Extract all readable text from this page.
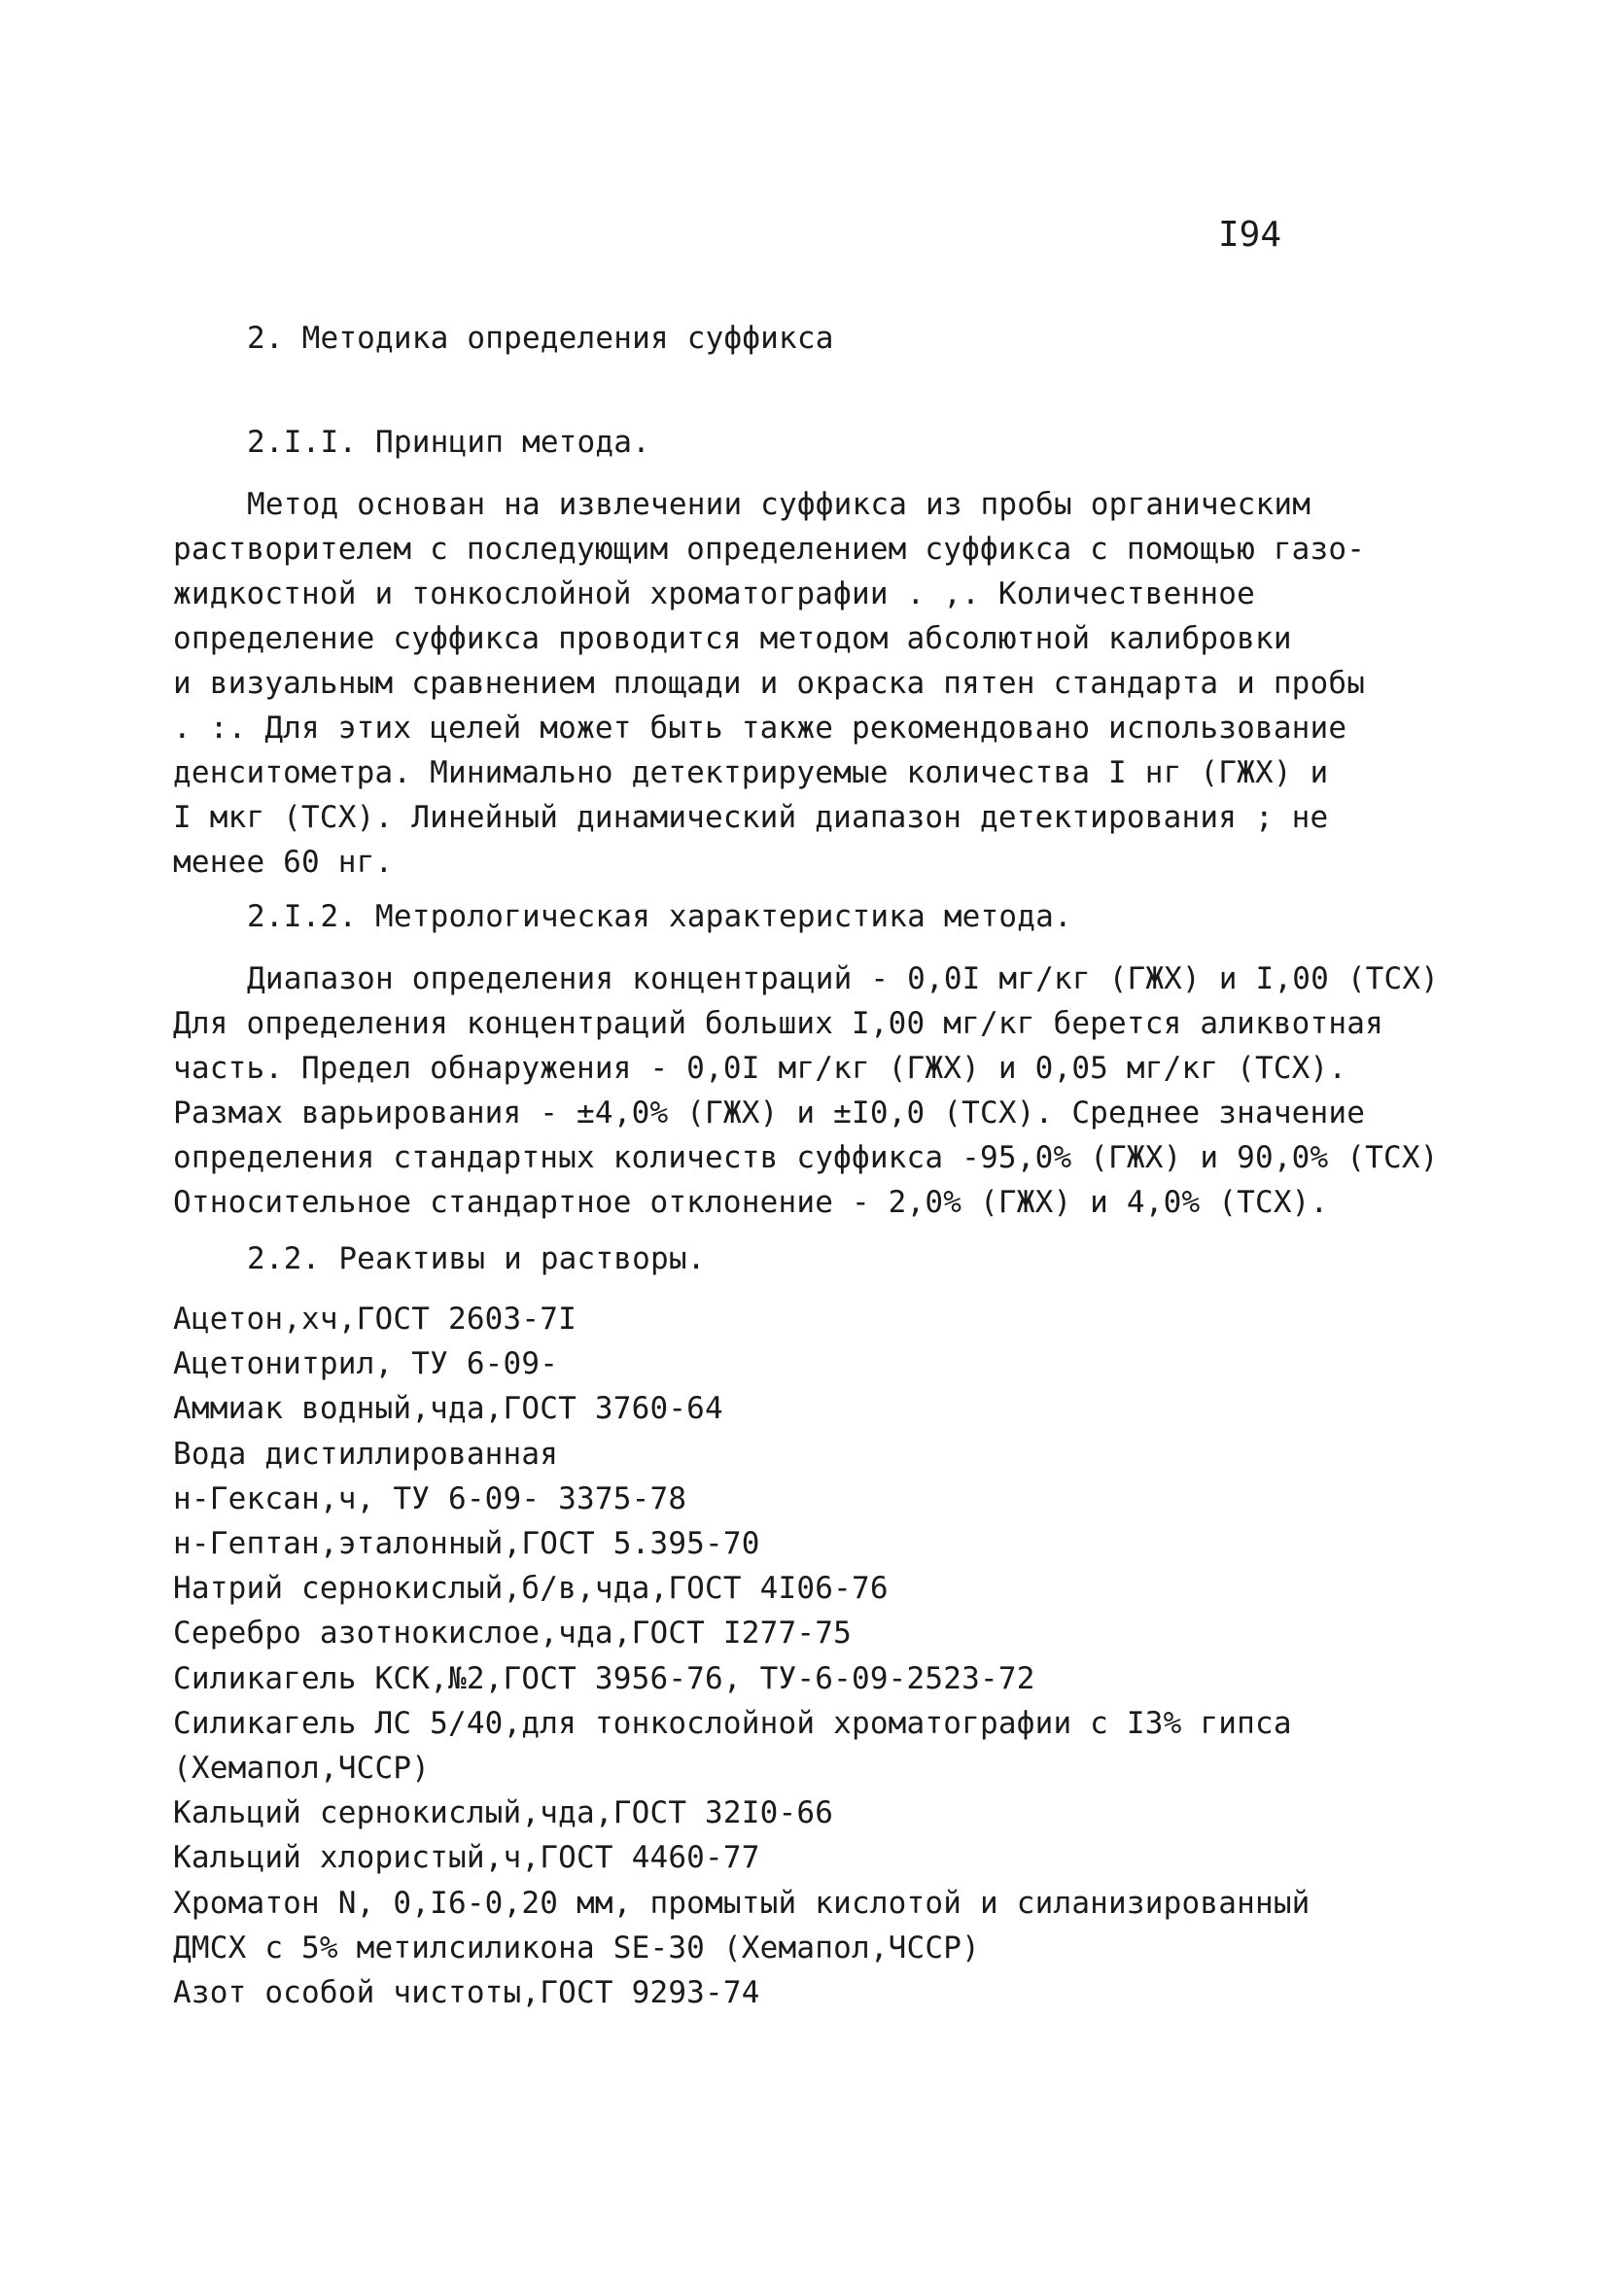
I94
2. Методика определения суффикса
2.I.I. Принцип метода.
Метод основан на извлечении суффикса из пробы органическим
растворителем с последующим определением суффикса с помощью газо-
жидкостной и тонкослойной хроматографии . ,. Количественное
определение суффикса проводится методом абсолютной калибровки
и визуальным сравнением площади и окраска пятен стандарта и пробы
. :. Для этих целей может быть также рекомендовано использование
денситометра. Минимально детектрируемые количества I нг (ГЖХ) и
I мкг (ТСХ). Линейный динамический диапазон детектирования ; не
менее 60 нг.
2.I.2. Метрологическая характеристика метода.
Диапазон определения концентраций - 0,0I мг/кг (ГЖХ) и I,00 (ТСХ)
Для определения концентраций больших I,00 мг/кг берется аликвотная
часть. Предел обнаружения - 0,0I мг/кг (ГЖХ) и 0,05 мг/кг (ТСХ).
Размах варьирования - ±4,0% (ГЖХ) и ±I0,0 (ТСХ). Среднее значение
определения стандартных количеств суффикса -95,0% (ГЖХ) и 90,0% (ТСХ)
Относительное стандартное отклонение - 2,0% (ГЖХ) и 4,0% (ТСХ).
2.2. Реактивы и растворы.
Ацетон,хч,ГОСТ 2603-7I
Ацетонитрил, ТУ 6-09-
Аммиак водный,чда,ГОСТ 3760-64
Вода дистиллированная
н-Гексан,ч, ТУ 6-09- 3375-78
н-Гептан,эталонный,ГОСТ 5.395-70
Натрий сернокислый,б/в,чда,ГОСТ 4I06-76
Серебро азотнокислое,чда,ГОСТ I277-75
Силикагель КСК,№2,ГОСТ 3956-76, ТУ-6-09-2523-72
Силикагель ЛС 5/40,для тонкослойной хроматографии с I3% гипса
(Хемапол,ЧССР)
Кальций сернокислый,чда,ГОСТ 32I0-66
Кальций хлористый,ч,ГОСТ 4460-77
Хроматон N, 0,I6-0,20 мм, промытый кислотой и силанизированный
ДМСХ с 5% метилсиликона SE-30 (Хемапол,ЧССР)
Азот особой чистоты,ГОСТ 9293-74
